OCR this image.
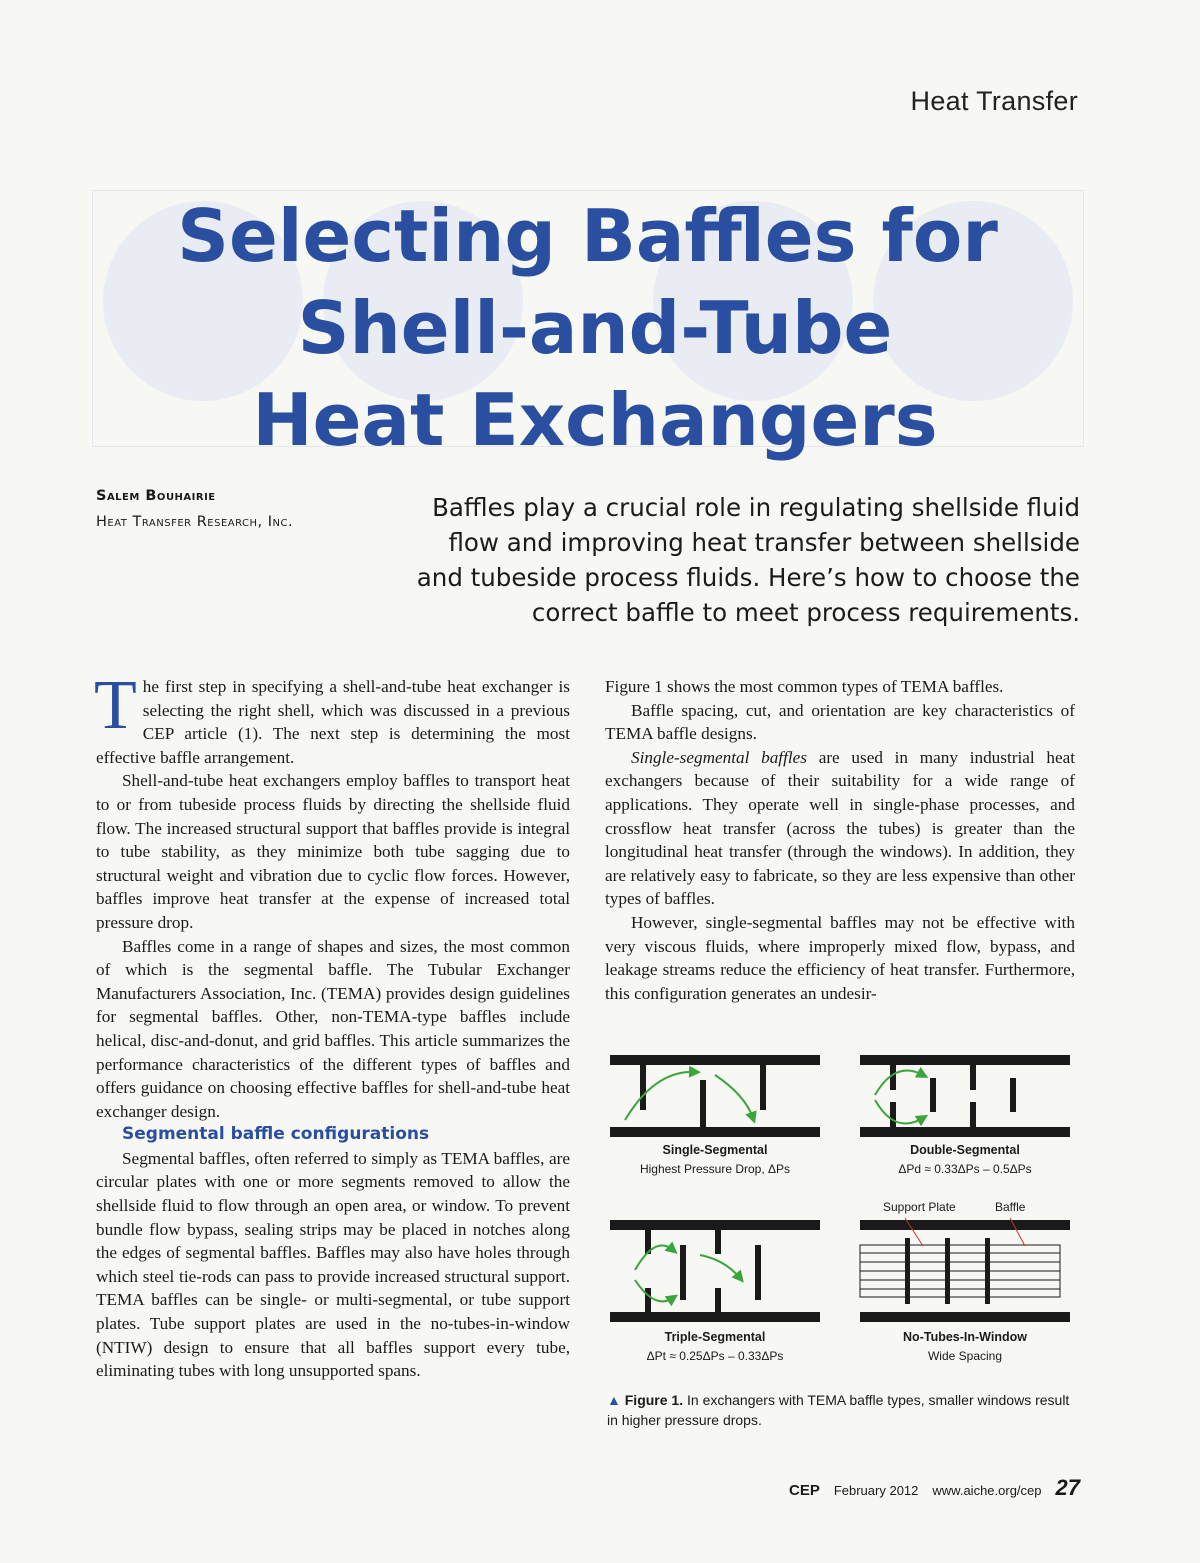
Heat Transfer
Selecting Baffles for
Shell-and-Tube
Heat Exchangers
Salem Bouhairie
Heat Transfer Research, Inc.	Baffles play a crucial role in regulating shellside fluid flow and improving heat transfer between shellside and tubeside process fluids. Here’s how to choose the correct baffle to meet process requirements.

The first step in specifying a shell-and-tube heat exchanger is selecting the right shell, which was discussed in a previous CEP article (1). The next step is determining the most effective baffle arrangement.

Shell-and-tube heat exchangers employ baffles to transport heat to or from tubeside process fluids by directing the shellside fluid flow. The increased structural support that baffles provide is integral to tube stability, as they minimize both tube sagging due to structural weight and vibration due to cyclic flow forces. However, baffles improve heat transfer at the expense of increased total pressure drop.

Baffles come in a range of shapes and sizes, the most common of which is the segmental baffle. The Tubular Exchanger Manufacturers Association, Inc. (TEMA) provides design guidelines for segmental baffles. Other, non-TEMA-type baffles include helical, disc-and-donut, and grid baffles. This article summarizes the performance characteristics of the different types of baffles and offers guidance on choosing effective baffles for shell-and-tube heat exchanger design.

Segmental baffle configurations

Segmental baffles, often referred to simply as TEMA baffles, are circular plates with one or more segments removed to allow the shellside fluid to flow through an open area, or window. To prevent bundle flow bypass, sealing strips may be placed in notches along the edges of segmental baffles. Baffles may also have holes through which steel tie-rods can pass to provide increased structural support. TEMA baffles can be single- or multi-segmental, or tube support plates. Tube support plates are used in the no-tubes-in-window (NTIW) design to ensure that all baffles support every tube, eliminating tubes with long unsupported spans.

Figure 1 shows the most common types of TEMA baffles.

Baffle spacing, cut, and orientation are key characteristics of TEMA baffle designs.

Single-segmental baffles are used in many industrial heat exchangers because of their suitability for a wide range of applications. They operate well in single-phase processes, and crossflow heat transfer (across the tubes) is greater than the longitudinal heat transfer (through the windows). In addition, they are relatively easy to fabricate, so they are less expensive than other types of baffles.

However, single-segmental baffles may not be effective with very viscous fluids, where improperly mixed flow, bypass, and leakage streams reduce the efficiency of heat transfer. Furthermore, this configuration generates an undesir-

Single-Segmental
Highest Pressure Drop, ΔPs
Double-Segmental
ΔPd ≈ 0.33ΔPs – 0.5ΔPs
Support Plate	Baffle
Triple-Segmental
ΔPt ≈ 0.25ΔPs – 0.33ΔPs
No-Tubes-In-Window
Wide Spacing
▲ Figure 1. In exchangers with TEMA baffle types, smaller windows result in higher pressure drops.
CEP February 2012 www.aiche.org/cep 27
